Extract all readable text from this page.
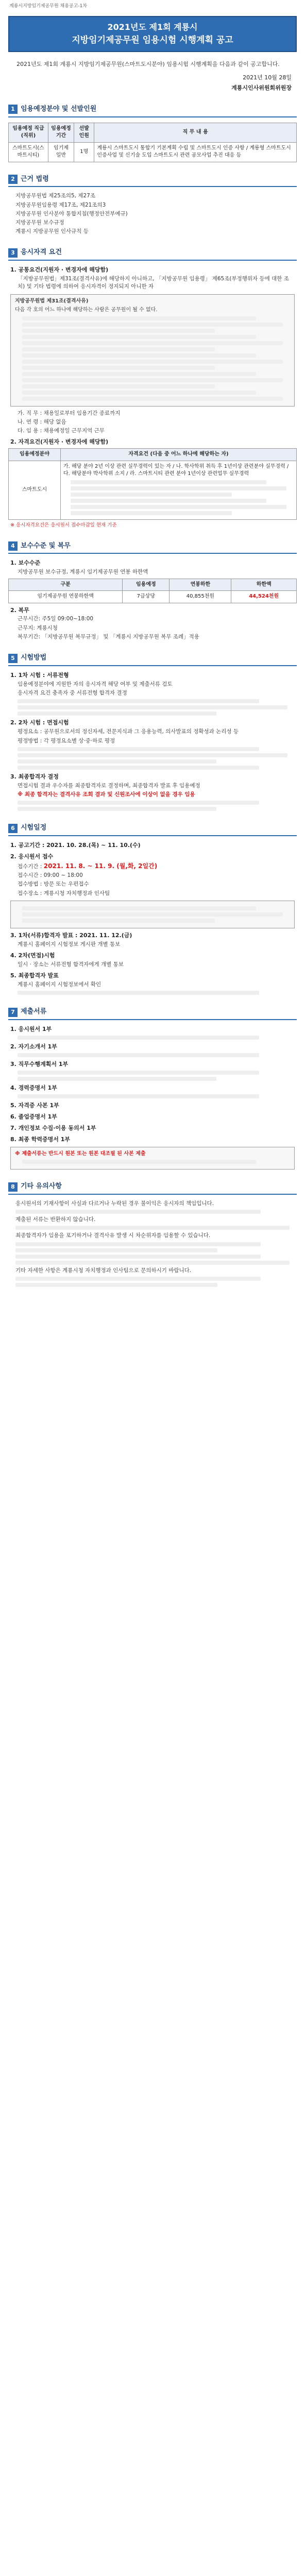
계룡시지방임기제공무원 채용공고-1차
2021년도 제1회 계룡시
지방임기제공무원 임용시험 시행계획 공고

2021년도 제1회 계룡시 지방임기제공무원(스마트도시분야) 임용시험 시행계획을 다음과 같이 공고합니다.

2021년 10월 28일
계룡시인사위원회위원장
1 임용예정분야 및 선발인원
임용예정 직급(직위)	임용예정 기간	선발 인원	직 무 내 용
스마트도시(스마트시티)	임기제 일반	1명	계룡시 스마트도시 통합기 기본계획 수립 및 스마트도시 인증 사항 / 계룡형 스마트도시 인증사업 및 신기술 도입 스마트도시 관련 공모사업 추진 대응 등
2 근거 법령
지방공무원법 제25조의5, 제27조
지방공무원임용령 제17조, 제21조의3
지방공무원 인사분야 통합지침(행정안전부예규)
지방공무원 보수규정
계룡시 지방공무원 인사규칙 등
3 응시자격 요건
1. 공통요건(지원자 · 변경자에 해당함)
「지방공무원법」제31조(결격사유)에 해당하지 아니하고, 「지방공무원 임용령」 제65조(부정행위자 등에 대한 조치) 및 기타 법령에 의하여 응시자격이 정지되지 아니한 자
지방공무원법 제31조(결격사유)
다음 각 호의 어느 하나에 해당하는 사람은 공무원이 될 수 없다.
가. 직 무 : 채용일로부터 임용기간 종료까지
나. 연 령 : 해당 없음
다. 임 용 : 채용예정일 근무지역 근무
2. 자격요건(지원자 · 변경자에 해당함)
임용예정분야	자격요건 (다음 중 어느 하나에 해당하는 자)
스마트도시	가. 해당 분야 2년 이상 관련 실무경력이 있는 자 / 나. 학사학위 취득 후 1년이상 관련분야 실무경력 / 다. 해당분야 박사학위 소지 / 라. 스마트시티 관련 분야 1년이상 관련업무 실무경력
※ 응시자격요건은 응시원서 접수마감일 현재 기준
4 보수수준 및 복무
1. 보수수준
지방공무원 보수규정, 계룡시 임기제공무원 연봉 하한액
구분	임용예정	연봉하한	하한액
임기제공무원 연봉하한액	7급상당	40,855천원	44,524천원
2. 복무
근무시간: 주5일 09:00~18:00
근무지: 계룡시청
복무기간: 「지방공무원 복무규정」 및 「계룡시 지방공무원 복무 조례」적용
5 시험방법
1. 1차 시험 : 서류전형
임용예정분야에 지원한 자의 응시자격 해당 여부 및 제출서류 검토
응시자격 요건 충족자 중 서류전형 합격자 결정
2. 2차 시험 : 면접시험
평정요소 : 공무원으로서의 정신자세, 전문지식과 그 응용능력, 의사발표의 정확성과 논리성 등
평정방법 : 각 평정요소별 상·중·하로 평정
3. 최종합격자 결정
면접시험 결과 우수자를 최종합격자로 결정하며, 최종합격자 발표 후 임용예정
※ 최종 합격자는 결격사유 조회 결과 및 신원조사에 이상이 없을 경우 임용
6 시험일정
1. 공고기간 : 2021. 10. 28.(목) ~ 11. 10.(수)
2. 응시원서 접수
접수기간 : 2021. 11. 8. ~ 11. 9. (월,화, 2일간)
접수시간 : 09:00 ~ 18:00
접수방법 : 방문 또는 우편접수
접수장소 : 계룡시청 자치행정과 인사팀
3. 1차(서류)합격자 발표 : 2021. 11. 12.(금)
계룡시 홈페이지 시험정보 게시판 개별 통보
4. 2차(면접)시험
일시 · 장소는 서류전형 합격자에게 개별 통보
5. 최종합격자 발표
계룡시 홈페이지 시험정보에서 확인
7 제출서류
1. 응시원서 1부
2. 자기소개서 1부
3. 직무수행계획서 1부
4. 경력증명서 1부
5. 자격증 사본 1부
6. 졸업증명서 1부
7. 개인정보 수집·이용 동의서 1부
8. 최종 학력증명서 1부
※ 제출서류는 반드시 원본 또는 원본 대조필 된 사본 제출
8 기타 유의사항
응시원서의 기재사항이 사실과 다르거나 누락된 경우 불이익은 응시자의 책임입니다.
제출된 서류는 반환하지 않습니다.
최종합격자가 임용을 포기하거나 결격사유 발생 시 차순위자를 임용할 수 있습니다.
기타 자세한 사항은 계룡시청 자치행정과 인사팀으로 문의하시기 바랍니다.
